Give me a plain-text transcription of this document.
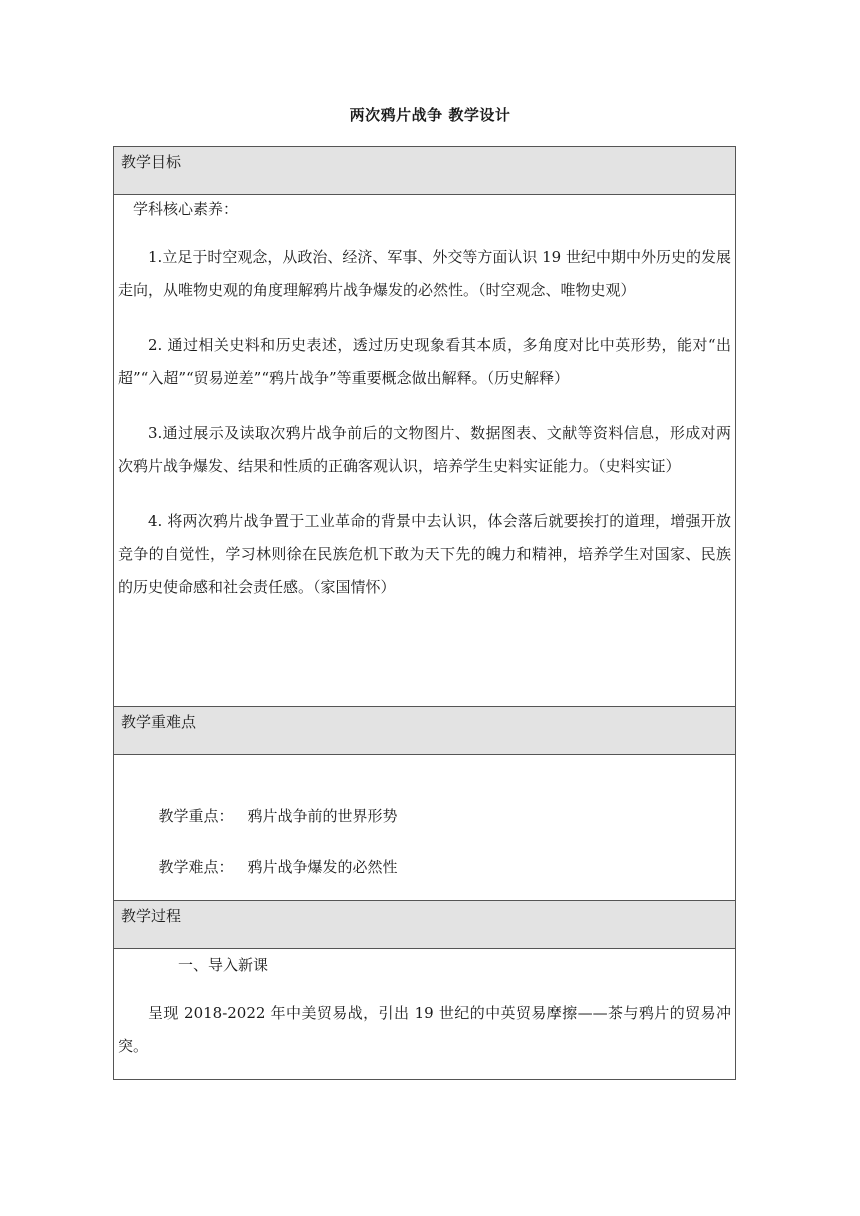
两次鸦片战争 教学设计
教学目标

学科核心素养：

1.立足于时空观念，从政治、经济、军事、外交等方面认识 19 世纪中期中外历史的发展走向，从唯物史观的角度理解鸦片战争爆发的必然性。（时空观念、唯物史观）

2. 通过相关史料和历史表述，透过历史现象看其本质，多角度对比中英形势，能对“出超”“入超”“贸易逆差”“鸦片战争”等重要概念做出解释。（历史解释）

3.通过展示及读取次鸦片战争前后的文物图片、数据图表、文献等资料信息，形成对两次鸦片战争爆发、结果和性质的正确客观认识，培养学生史料实证能力。（史料实证）

4. 将两次鸦片战争置于工业革命的背景中去认识，体会落后就要挨打的道理，增强开放竞争的自觉性，学习林则徐在民族危机下敢为天下先的魄力和精神，培养学生对国家、民族的历史使命感和社会责任感。（家国情怀）

教学重难点

教学重点： 鸦片战争前的世界形势

教学难点： 鸦片战争爆发的必然性

教学过程

一、导入新课

呈现 2018-2022 年中美贸易战，引出 19 世纪的中英贸易摩擦——茶与鸦片的贸易冲突。
